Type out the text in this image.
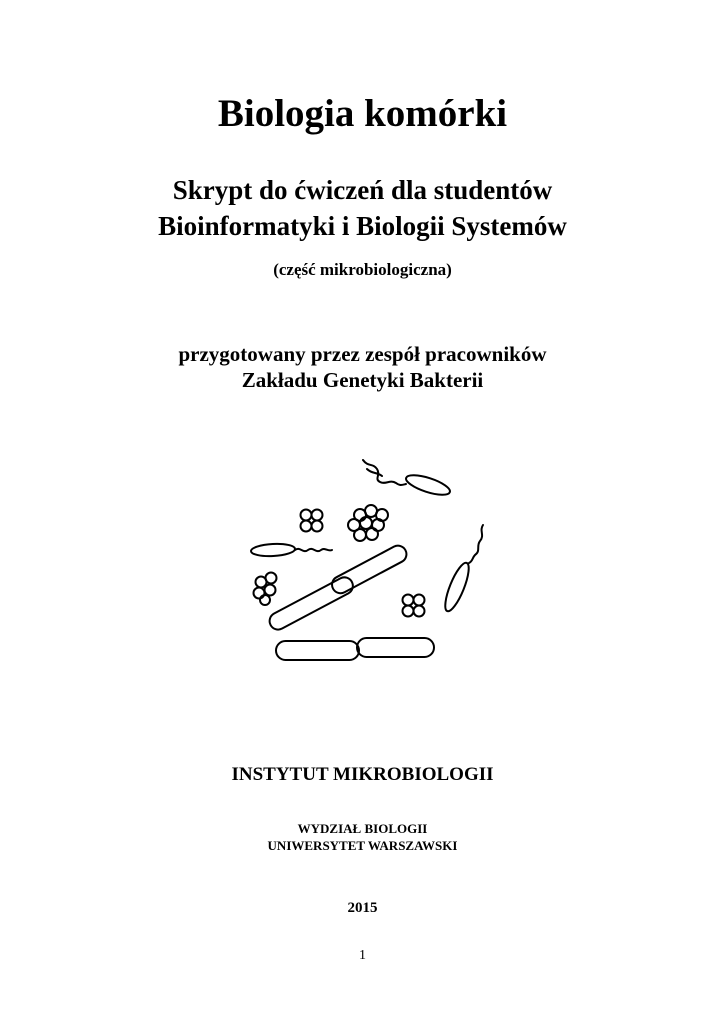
Biologia komórki
Skrypt do ćwiczeń dla studentów
Bioinformatyki i Biologii Systemów
(część mikrobiologiczna)
przygotowany przez zespół pracowników
Zakładu Genetyki Bakterii
INSTYTUT MIKROBIOLOGII
WYDZIAŁ BIOLOGII
UNIWERSYTET WARSZAWSKI
2015
1
